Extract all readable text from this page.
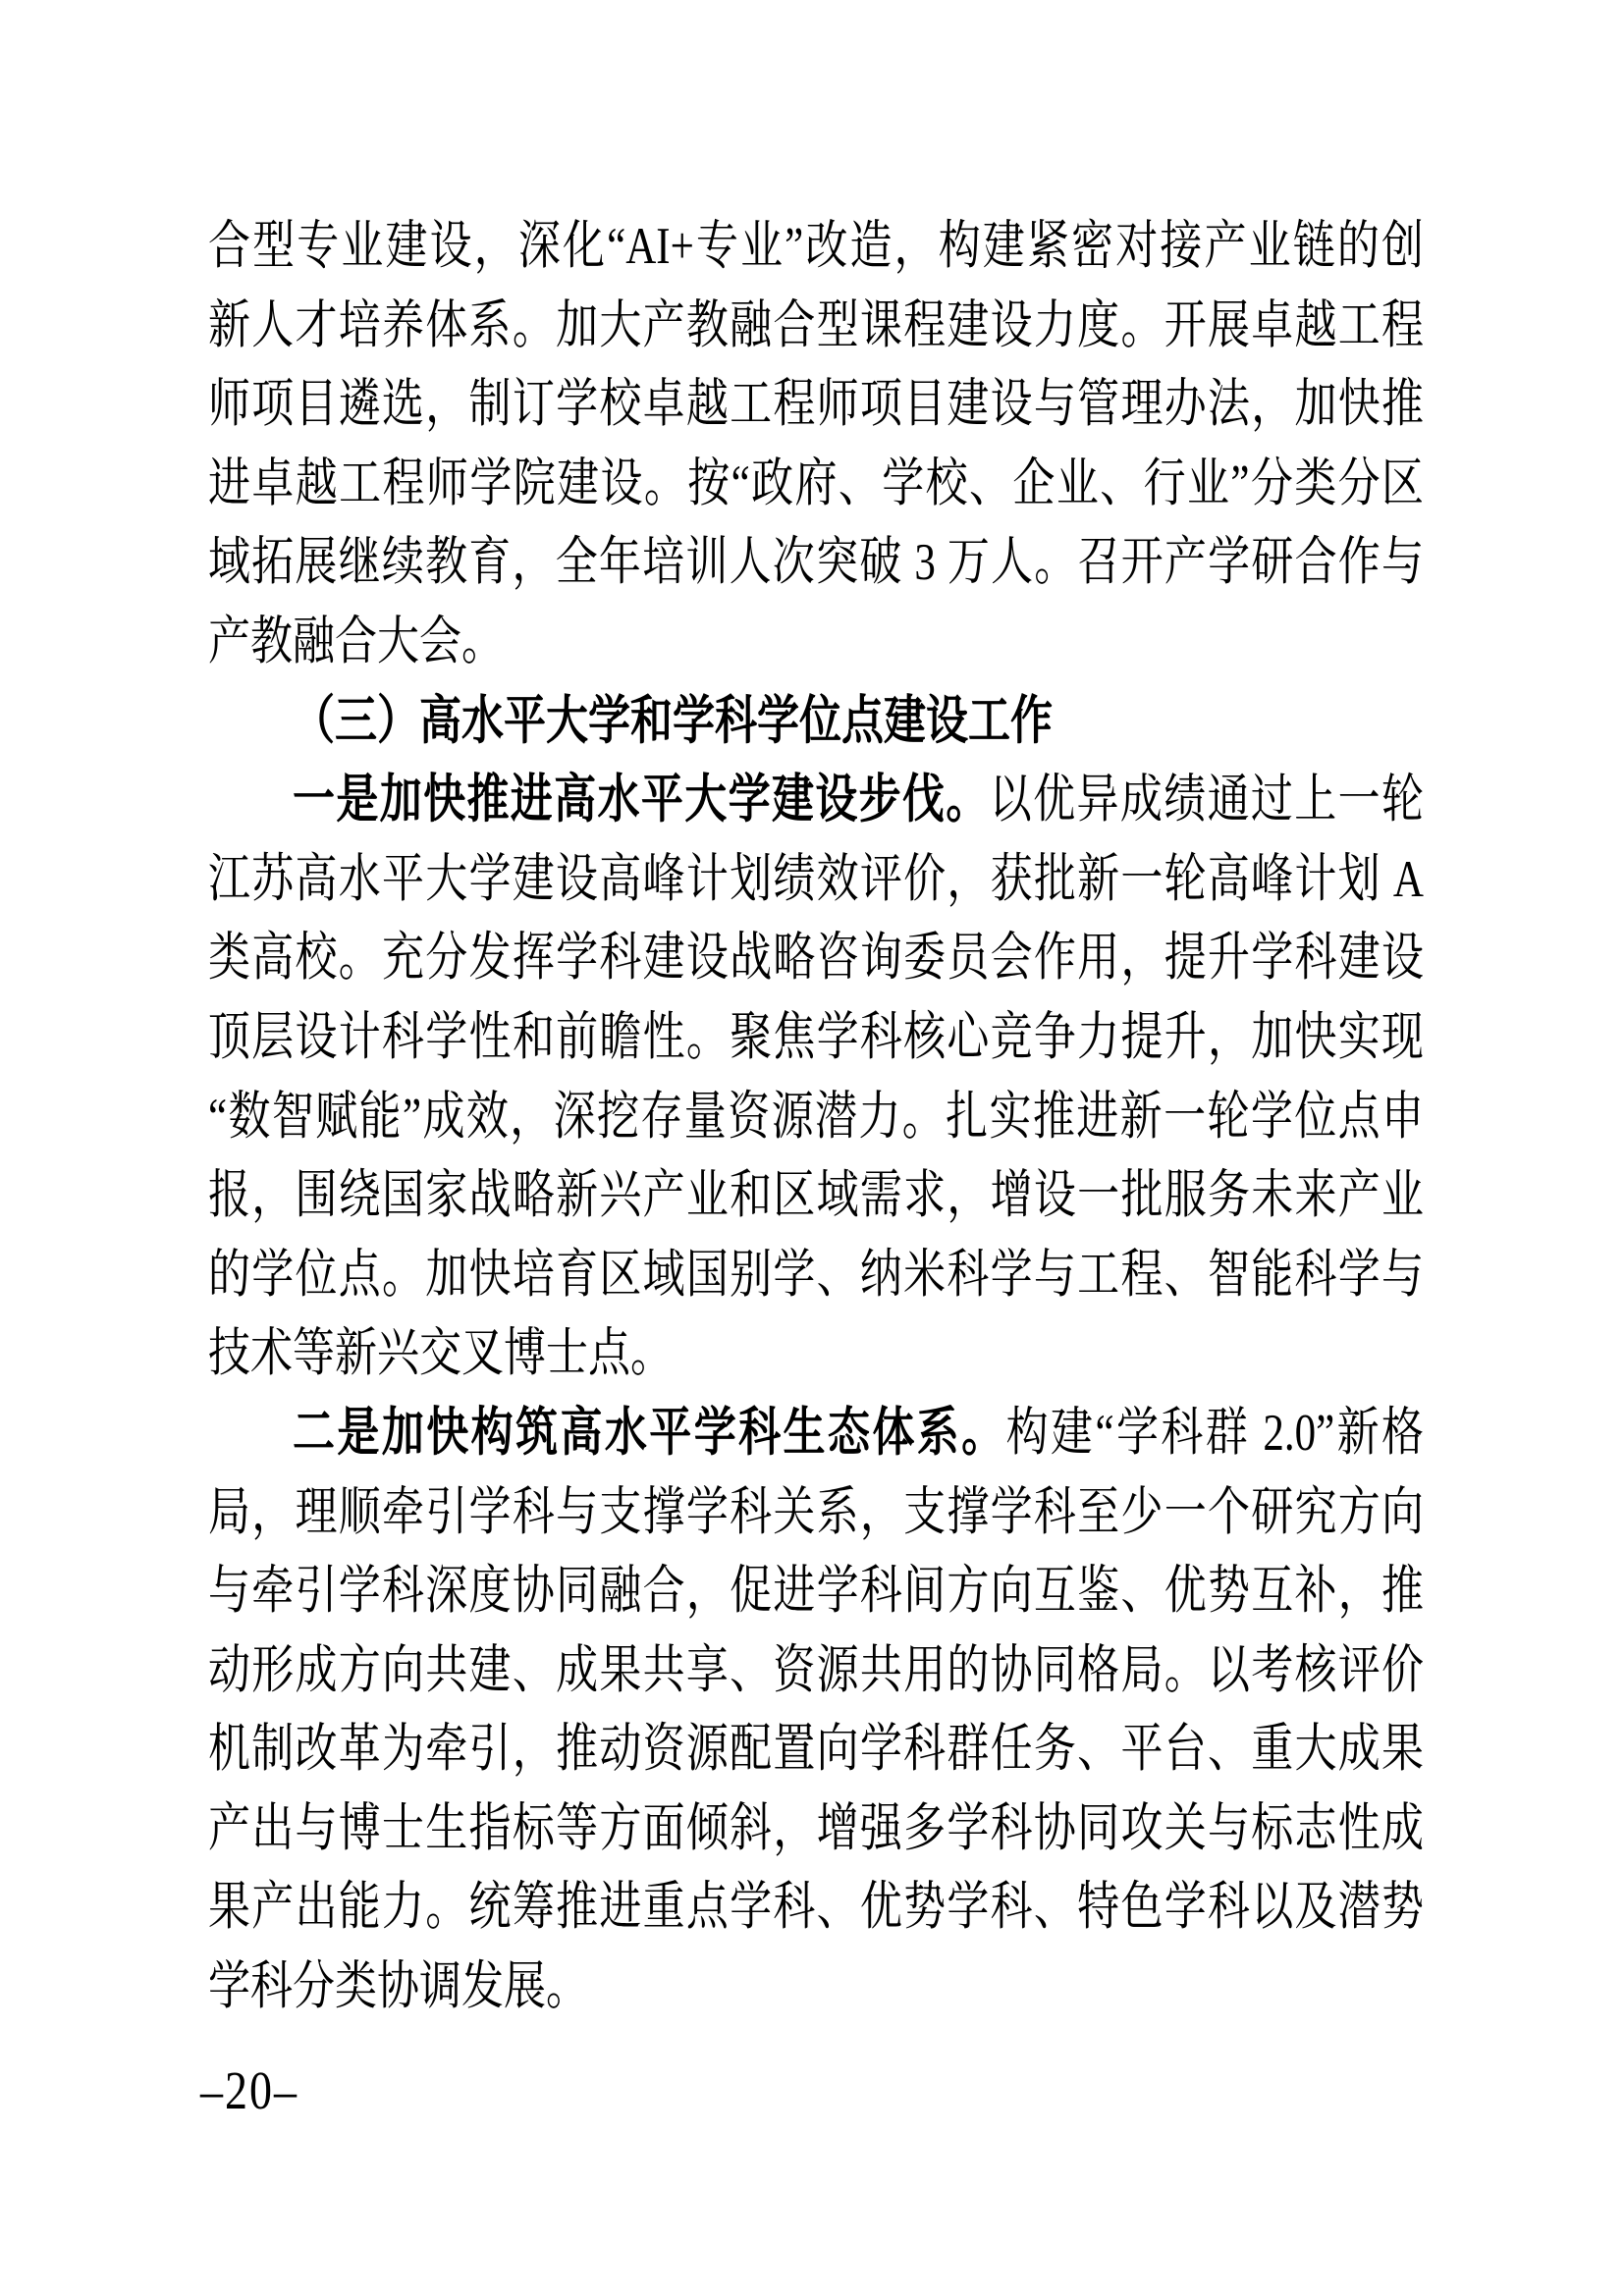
合型专业建设，深化“AI+专业”改造，构建紧密对接产业链的创

新人才培养体系。加大产教融合型课程建设力度。开展卓越工程

师项目遴选，制订学校卓越工程师项目建设与管理办法，加快推

进卓越工程师学院建设。按“政府、学校、企业、行业”分类分区

域拓展继续教育，全年培训人次突破 3 万人。召开产学研合作与

产教融合大会。

（三）高水平大学和学科学位点建设工作

一是加快推进高水平大学建设步伐。以优异成绩通过上一轮

江苏高水平大学建设高峰计划绩效评价，获批新一轮高峰计划 A

类高校。充分发挥学科建设战略咨询委员会作用，提升学科建设

顶层设计科学性和前瞻性。聚焦学科核心竞争力提升，加快实现

“数智赋能”成效，深挖存量资源潜力。扎实推进新一轮学位点申

报，围绕国家战略新兴产业和区域需求，增设一批服务未来产业

的学位点。加快培育区域国别学、纳米科学与工程、智能科学与

技术等新兴交叉博士点。

二是加快构筑高水平学科生态体系。构建“学科群 2.0”新格

局，理顺牵引学科与支撑学科关系，支撑学科至少一个研究方向

与牵引学科深度协同融合，促进学科间方向互鉴、优势互补，推

动形成方向共建、成果共享、资源共用的协同格局。以考核评价

机制改革为牵引，推动资源配置向学科群任务、平台、重大成果

产出与博士生指标等方面倾斜，增强多学科协同攻关与标志性成

果产出能力。统筹推进重点学科、优势学科、特色学科以及潜势

学科分类协调发展。

–20–
